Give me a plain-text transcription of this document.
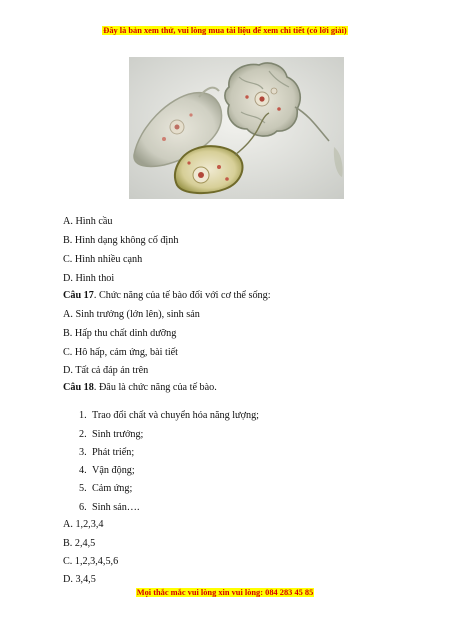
Đây là bản xem thử, vui lòng mua tài liệu để xem chi tiết (có lời giải)
A. Hình cầu
B. Hình dạng không cố định
C. Hình nhiều cạnh
D. Hình thoi
Câu 17. Chức năng của tế bào đối với cơ thể sống:
A. Sinh trưởng (lớn lên), sinh sản
B. Hấp thu chất dinh dưỡng
C. Hô hấp, cảm ứng, bài tiết
D. Tất cả đáp án trên
Câu 18. Đâu là chức năng của tế bào.
1. Trao đổi chất và chuyển hóa năng lượng;
2. Sinh trưởng;
3. Phát triển;
4. Vận động;
5. Cảm ứng;
6. Sinh sản….
A. 1,2,3,4
B. 2,4,5
C. 1,2,3,4,5,6
D. 3,4,5
Mọi thắc mắc vui lòng xin vui lòng: 084 283 45 85
